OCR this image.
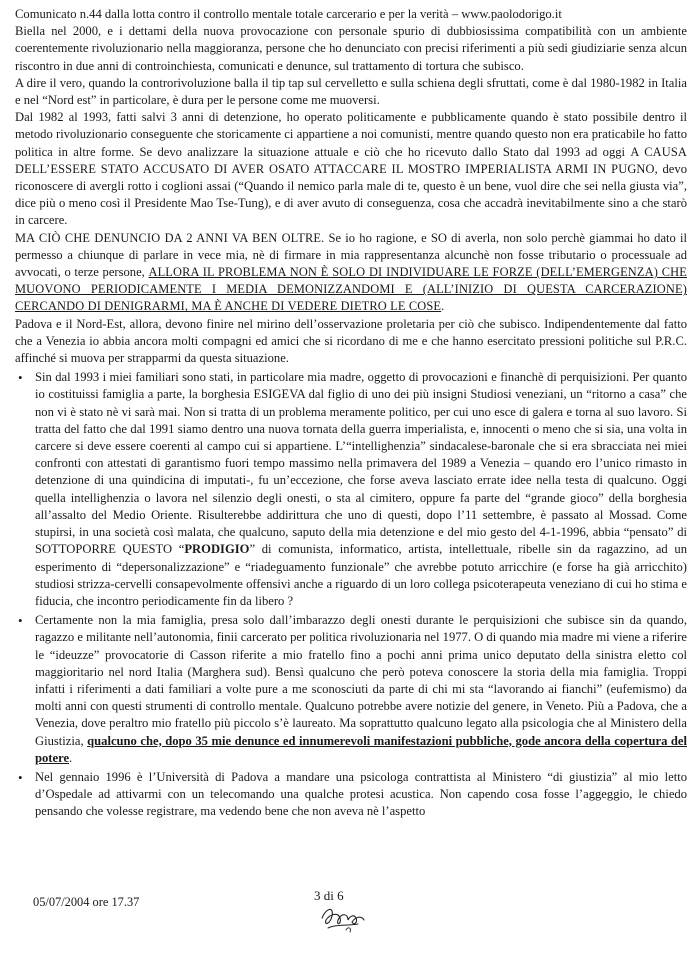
Comunicato n.44 dalla lotta contro il controllo mentale totale carcerario e per la verità – www.paolodorigo.it

Biella nel 2000, e i dettami della nuova provocazione con personale spurio di dubbiosissima compatibilità con un ambiente coerentemente rivoluzionario nella maggioranza, persone che ho denunciato con precisi riferimenti a più sedi giudiziarie senza alcun riscontro in due anni di controinchiesta, comunicati e denunce, sul trattamento di tortura che subisco.

A dire il vero, quando la controrivoluzione balla il tip tap sul cervelletto e sulla schiena degli sfruttati, come è dal 1980-1982 in Italia e nel “Nord est” in particolare, è dura per le persone come me muoversi.

Dal 1982 al 1993, fatti salvi 3 anni di detenzione, ho operato politicamente e pubblicamente quando è stato possibile dentro il metodo rivoluzionario conseguente che storicamente ci appartiene a noi comunisti, mentre quando questo non era praticabile ho fatto politica in altre forme. Se devo analizzare la situazione attuale e ciò che ho ricevuto dallo Stato dal 1993 ad oggi A CAUSA DELL’ESSERE STATO ACCUSATO DI AVER OSATO ATTACCARE IL MOSTRO IMPERIALISTA ARMI IN PUGNO, devo riconoscere di avergli rotto i coglioni assai (“Quando il nemico parla male di te, questo è un bene, vuol dire che sei nella giusta via”, dice più o meno così il Presidente Mao Tse-Tung), e di aver avuto di conseguenza, cosa che accadrà inevitabilmente sino a che starò in carcere.

MA CIÒ CHE DENUNCIO DA 2 ANNI VA BEN OLTRE. Se io ho ragione, e SO di averla, non solo perchè giammai ho dato il permesso a chiunque di parlare in vece mia, nè di firmare in mia rappresentanza alcunchè non fosse tributario o processuale ad avvocati, o terze persone, ALLORA IL PROBLEMA NON È SOLO DI INDIVIDUARE LE FORZE (DELL’EMERGENZA) CHE MUOVONO PERIODICAMENTE I MEDIA DEMONIZZANDOMI E (ALL’INIZIO DI QUESTA CARCERAZIONE) CERCANDO DI DENIGRARMI, MA È ANCHE DI VEDERE DIETRO LE COSE.

Padova e il Nord-Est, allora, devono finire nel mirino dell’osservazione proletaria per ciò che subisco. Indipendentemente dal fatto che a Venezia io abbia ancora molti compagni ed amici che si ricordano di me e che hanno esercitato pressioni politiche sul P.R.C. affinché si muova per strapparmi da questa situazione.

• Sin dal 1993 i miei familiari sono stati, in particolare mia madre, oggetto di provocazioni e financhè di perquisizioni. Per quanto io costituissi famiglia a parte, la borghesia ESIGEVA dal figlio di uno dei più insigni Studiosi veneziani, un “ritorno a casa” che non vi è stato nè vi sarà mai. Non si tratta di un problema meramente politico, per cui uno esce di galera e torna al suo lavoro. Si tratta del fatto che dal 1991 siamo dentro una nuova tornata della guerra imperialista, e, innocenti o meno che si sia, una volta in carcere si deve essere coerenti al campo cui si appartiene. L’“intellighenzia” sindacalese-baronale che si era sbracciata nei miei confronti con attestati di garantismo fuori tempo massimo nella primavera del 1989 a Venezia – quando ero l’unico rimasto in detenzione di una quindicina di imputati-, fu un’eccezione, che forse aveva lasciato errate idee nella testa di qualcuno. Oggi quella intellighenzia o lavora nel silenzio degli onesti, o sta al cimitero, oppure fa parte del “grande gioco” della borghesia all’assalto del Medio Oriente. Risulterebbe addirittura che uno di questi, dopo l’11 settembre, è passato al Mossad. Come stupirsi, in una società così malata, che qualcuno, saputo della mia detenzione e del mio gesto del 4-1-1996, abbia “pensato” di SOTTOPORRE QUESTO “PRODIGIO” di comunista, informatico, artista, intellettuale, ribelle sin da ragazzino, ad un esperimento di “depersonalizzazione” e “riadeguamento funzionale” che avrebbe potuto arricchire (e forse ha già arricchito) studiosi strizza-cervelli consapevolmente offensivi anche a riguardo di un loro collega psicoterapeuta veneziano di cui ho stima e fiducia, che incontro periodicamente fin da libero ?
• Certamente non la mia famiglia, presa solo dall’imbarazzo degli onesti durante le perquisizioni che subisce sin da quando, ragazzo e militante nell’autonomia, finii carcerato per politica rivoluzionaria nel 1977. O di quando mia madre mi viene a riferire le “ideuzze” provocatorie di Casson riferite a mio fratello fino a pochi anni prima unico deputato della sinistra eletto col maggioritario nel nord Italia (Marghera sud). Bensì qualcuno che però poteva conoscere la storia della mia famiglia. Troppi infatti i riferimenti a dati familiari a volte pure a me sconosciuti da parte di chi mi sta “lavorando ai fianchi” (eufemismo) da molti anni con questi strumenti di controllo mentale. Qualcuno potrebbe avere notizie del genere, in Veneto. Più a Padova, che a Venezia, dove peraltro mio fratello più piccolo s’è laureato. Ma soprattutto qualcuno legato alla psicologia che al Ministero della Giustizia, qualcuno che, dopo 35 mie denunce ed innumerevoli manifestazioni pubbliche, gode ancora della copertura del potere.
• Nel gennaio 1996 è l’Università di Padova a mandare una psicologa contrattista al Ministero “di giustizia” al mio letto d’Ospedale ad attivarmi con un telecomando una qualche protesi acustica. Non capendo cosa fosse l’aggeggio, le chiedo pensando che volesse registrare, ma vedendo bene che non aveva nè l’aspetto
05/07/2004 ore 17.37	3 di 6
